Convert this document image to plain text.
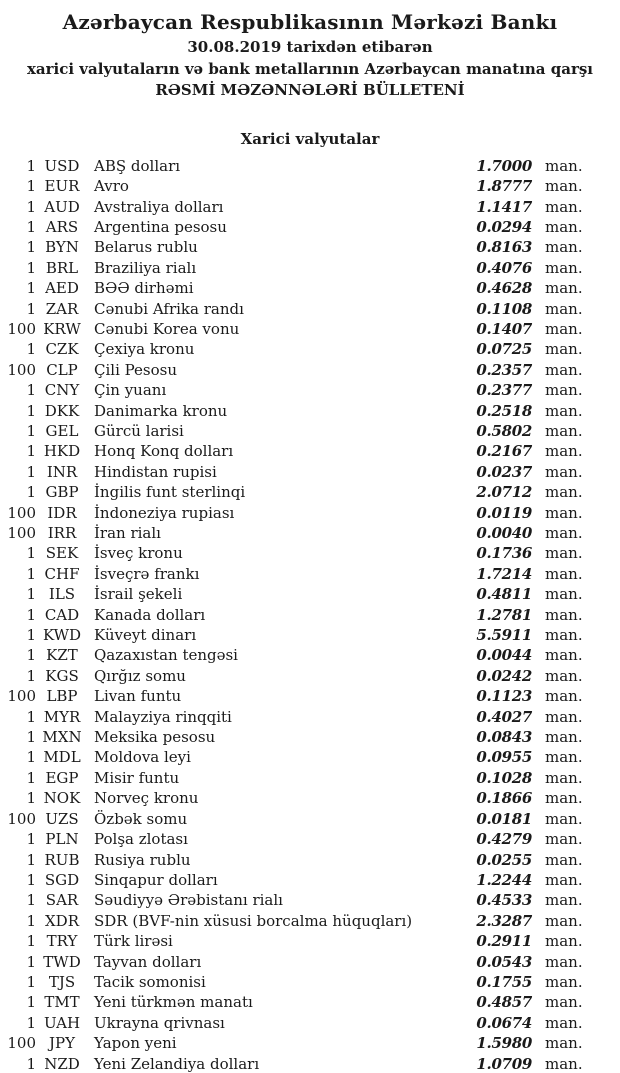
Azərbaycan Respublikasının Mərkəzi Bankı
30.08.2019 tarixdən etibarən
xarici valyutaların və bank metallarının Azərbaycan manatına qarşı
RƏSMİ MƏZƏNNƏLƏRİ BÜLLETENİ
Xarici valyutalar
1 USD ABŞ dolları	1.7000 man.
1 EUR Avro	1.8777 man.
1 AUD Avstraliya dolları	1.1417 man.
1 ARS	Argentina pesosu	0.0294 man.
1 BYN	Belarus rublu	0.8163 man.
1 BRL	Braziliya rialı	0.4076 man.
1 AED	BƏƏ dirhəmi	0.4628 man.
1 ZAR	Cənubi Afrika randı	0.1108 man.
100 KRW Cənubi Korea vonu	0.1407 man.
1 CZK	Çexiya kronu	0.0725 man.
100 CLP	Çili Pesosu	0.2357 man.
1 CNY Çin yuanı	0.2377 man.
1 DKK Danimarka kronu	0.2518 man.
1 GEL	Gürcü larisi	0.5802 man.
1 HKD Honq Konq dolları	0.2167 man.
1 INR	Hindistan rupisi	0.0237 man.
1 GBP	İngilis funt sterlinqi	2.0712 man.
100 IDR	İndoneziya rupiası	0.0119 man.
100 IRR	İran rialı	0.0040 man.
1 SEK	İsveç kronu	0.1736 man.
1 CHF İsveçrə frankı	1.7214 man.
1 ILS	İsrail şekeli	0.4811 man.
1 CAD Kanada dolları	1.2781 man.
1 KWD Küveyt dinarı	5.5911 man.
1 KZT	Qazaxıstan tengəsi	0.0044 man.
1 KGS	Qırğız somu	0.0242 man.
100 LBP	Livan funtu	0.1123 man.
1 MYR Malayziya rinqqiti	0.4027 man.
1 MXN Meksika pesosu	0.0843 man.
1 MDL Moldova leyi	0.0955 man.
1 EGP	Misir funtu	0.1028 man.
1 NOK Norveç kronu	0.1866 man.
100 UZS	Özbək somu	0.0181 man.
1 PLN	Polşa zlotası	0.4279 man.
1 RUB Rusiya rublu	0.0255 man.
1 SGD Sinqapur dolları	1.2244 man.
1 SAR	Səudiyyə Ərəbistanı rialı	0.4533 man.
1 XDR	SDR (BVF-nin xüsusi borcalma hüquqları)	2.3287 man.
1 TRY	Türk lirəsi	0.2911 man.
1 TWD Tayvan dolları	0.0543 man.
1 TJS	Tacik somonisi	0.1755 man.
1 TMT Yeni türkmən manatı	0.4857 man.
1 UAH Ukrayna qrivnası	0.0674 man.
100 JPY	Yapon yeni	1.5980 man.
1 NZD Yeni Zelandiya dolları	1.0709 man.
